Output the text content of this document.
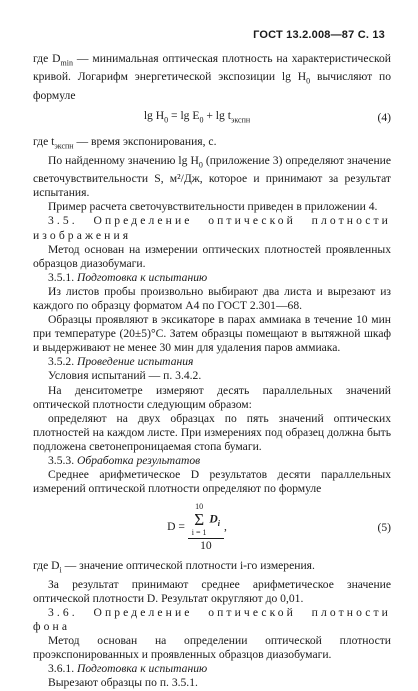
ГОСТ 13.2.008—87 С. 13

где $D_{min}$ — минимальная оптическая плотность на характеристической кривой. Логарифм энергетической экспозиции $\lg H_0$ вычисляют по формуле

$\lg H_0 = \lg E_0 + \lg t_{экспн}$	(4)

где $t_{экспн}$ — время экспонирования, с.

По найденному значению $\lg H_0$ (приложение 3) определяют значение светочувствительности S, м²/Дж, которое и принимают за результат испытания.

Пример расчета светочувствительности приведен в приложении 4.

3.5. Определение оптической плотности изображения

Метод основан на измерении оптических плотностей проявленных образцов диазобумаги.

3.5.1. Подготовка к испытанию

Из листов пробы произвольно выбирают два листа и вырезают из каждого по образцу форматом А4 по ГОСТ 2.301—68.

Образцы проявляют в эксикаторе в парах аммиака в течение 10 мин при температуре (20±5)°С. Затем образцы помещают в вытяжной шкаф и выдерживают не менее 30 мин для удаления паров аммиака.

3.5.2. Проведение испытания

Условия испытаний — п. 3.4.2.

На денситометре измеряют десять параллельных значений оптической плотности следующим образом:

определяют на двух образцах по пять значений оптических плотностей на каждом листе. При измерениях под образец должна быть подложена светонепроницаемая стопа бумаги.

3.5.3. Обработка результатов

Среднее арифметическое D результатов десяти параллельных измерений оптической плотности определяют по формуле

D =
10
Σ
i = 1
$D_i$
10
,	(5)

где $D_i$ — значение оптической плотности i-го измерения.

За результат принимают среднее арифметическое значение оптической плотности D. Результат округляют до 0,01.

3.6. Определение оптической плотности фона

Метод основан на определении оптической плотности проэкспонированных и проявленных образцов диазобумаги.

3.6.1. Подготовка к испытанию

Вырезают образцы по п. 3.5.1.
